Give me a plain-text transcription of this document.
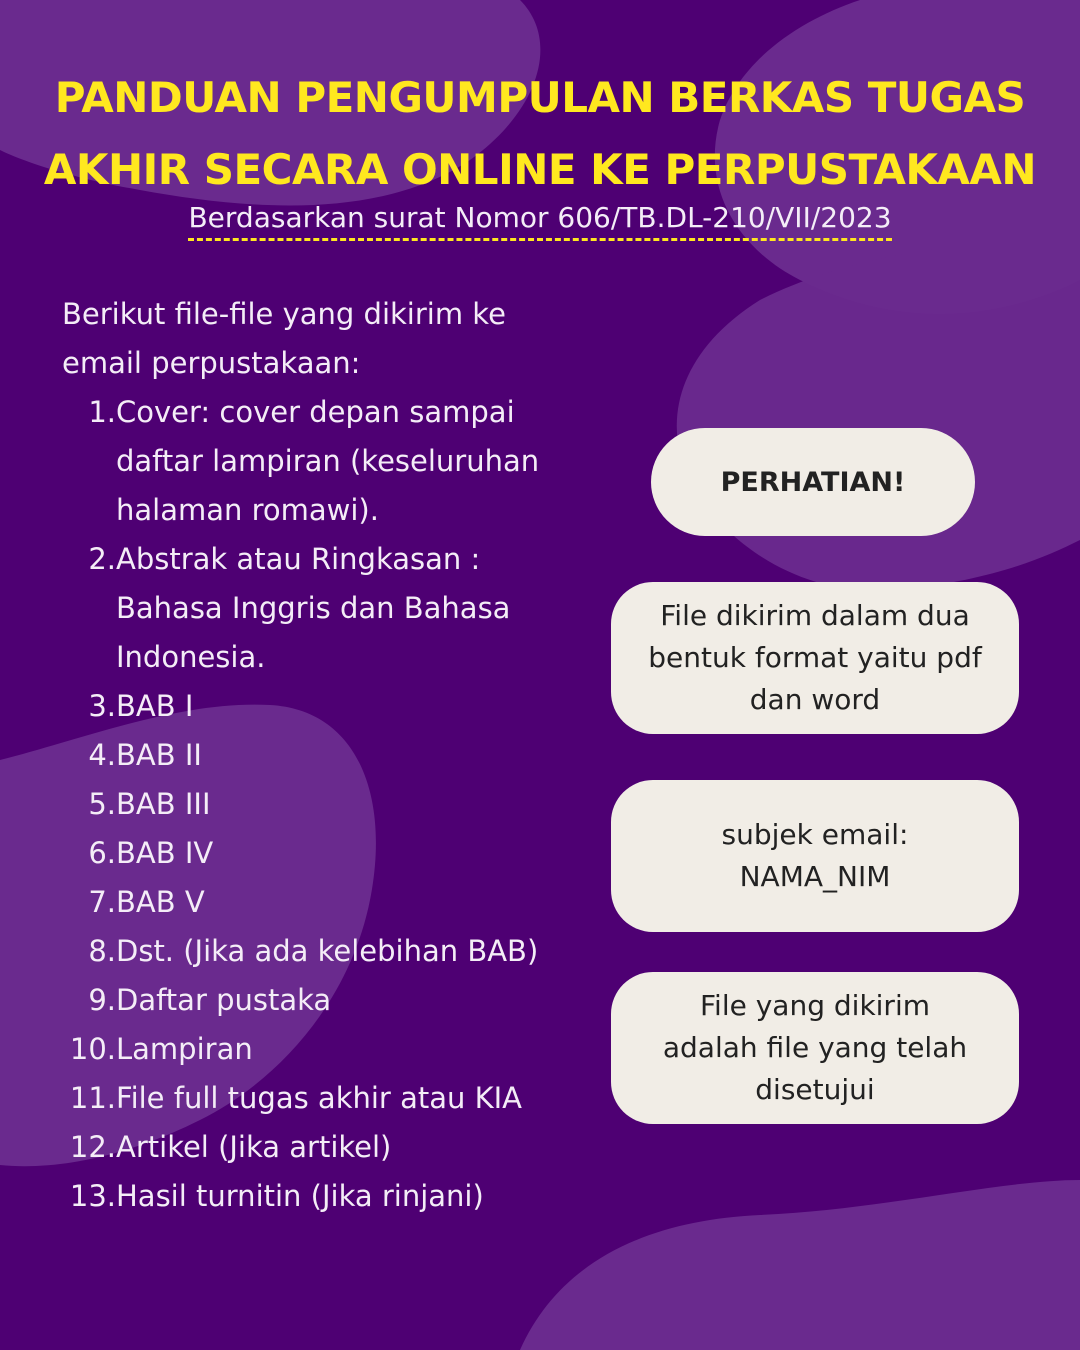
PANDUAN PENGUMPULAN BERKAS TUGAS
AKHIR SECARA ONLINE KE PERPUSTAKAAN
Berdasarkan surat Nomor 606/TB.DL-210/VII/2023

Berikut file-file yang dikirim ke email perpustakaan:

1. Cover: cover depan sampai daftar lampiran (keseluruhan halaman romawi).
2. Abstrak atau Ringkasan : Bahasa Inggris dan Bahasa Indonesia.
3. BAB I
4. BAB II
5. BAB III
6. BAB IV
7. BAB V
8. Dst. (Jika ada kelebihan BAB)
9. Daftar pustaka
10. Lampiran
11. File full tugas akhir atau KIA
12. Artikel (Jika artikel)
13. Hasil turnitin (Jika rinjani)
PERHATIAN!
File dikirim dalam dua
bentuk format yaitu pdf
dan word
subjek email:
NAMA_NIM
File yang dikirim
adalah file yang telah
disetujui
